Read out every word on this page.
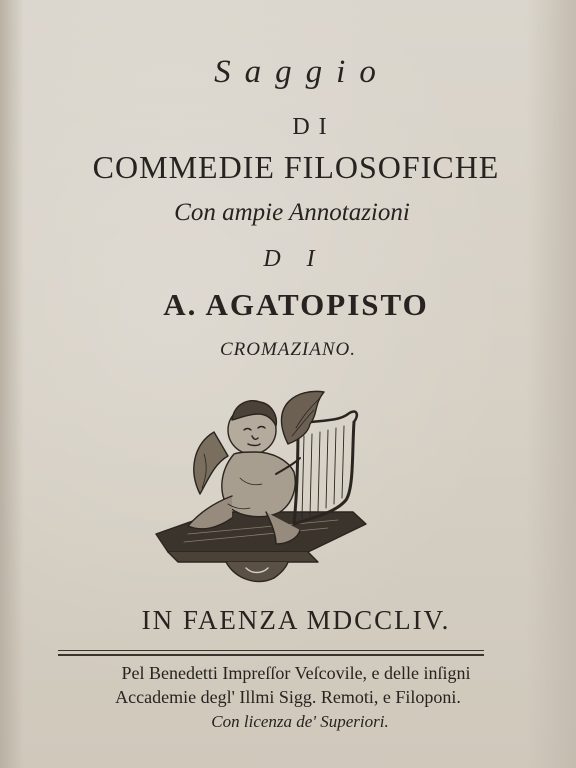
Saggio
DI
COMMEDIE FILOSOFICHE
Con ampie Annotazioni
D I
A. AGATOPISTO
CROMAZIANO.
IN FAENZA MDCCLIV.
Pel Benedetti Impreſſor Veſcovile, e delle inſigni
Accademie degl' Illmi Sigg. Remoti, e Filoponi.
Con licenza de' Superiori.
